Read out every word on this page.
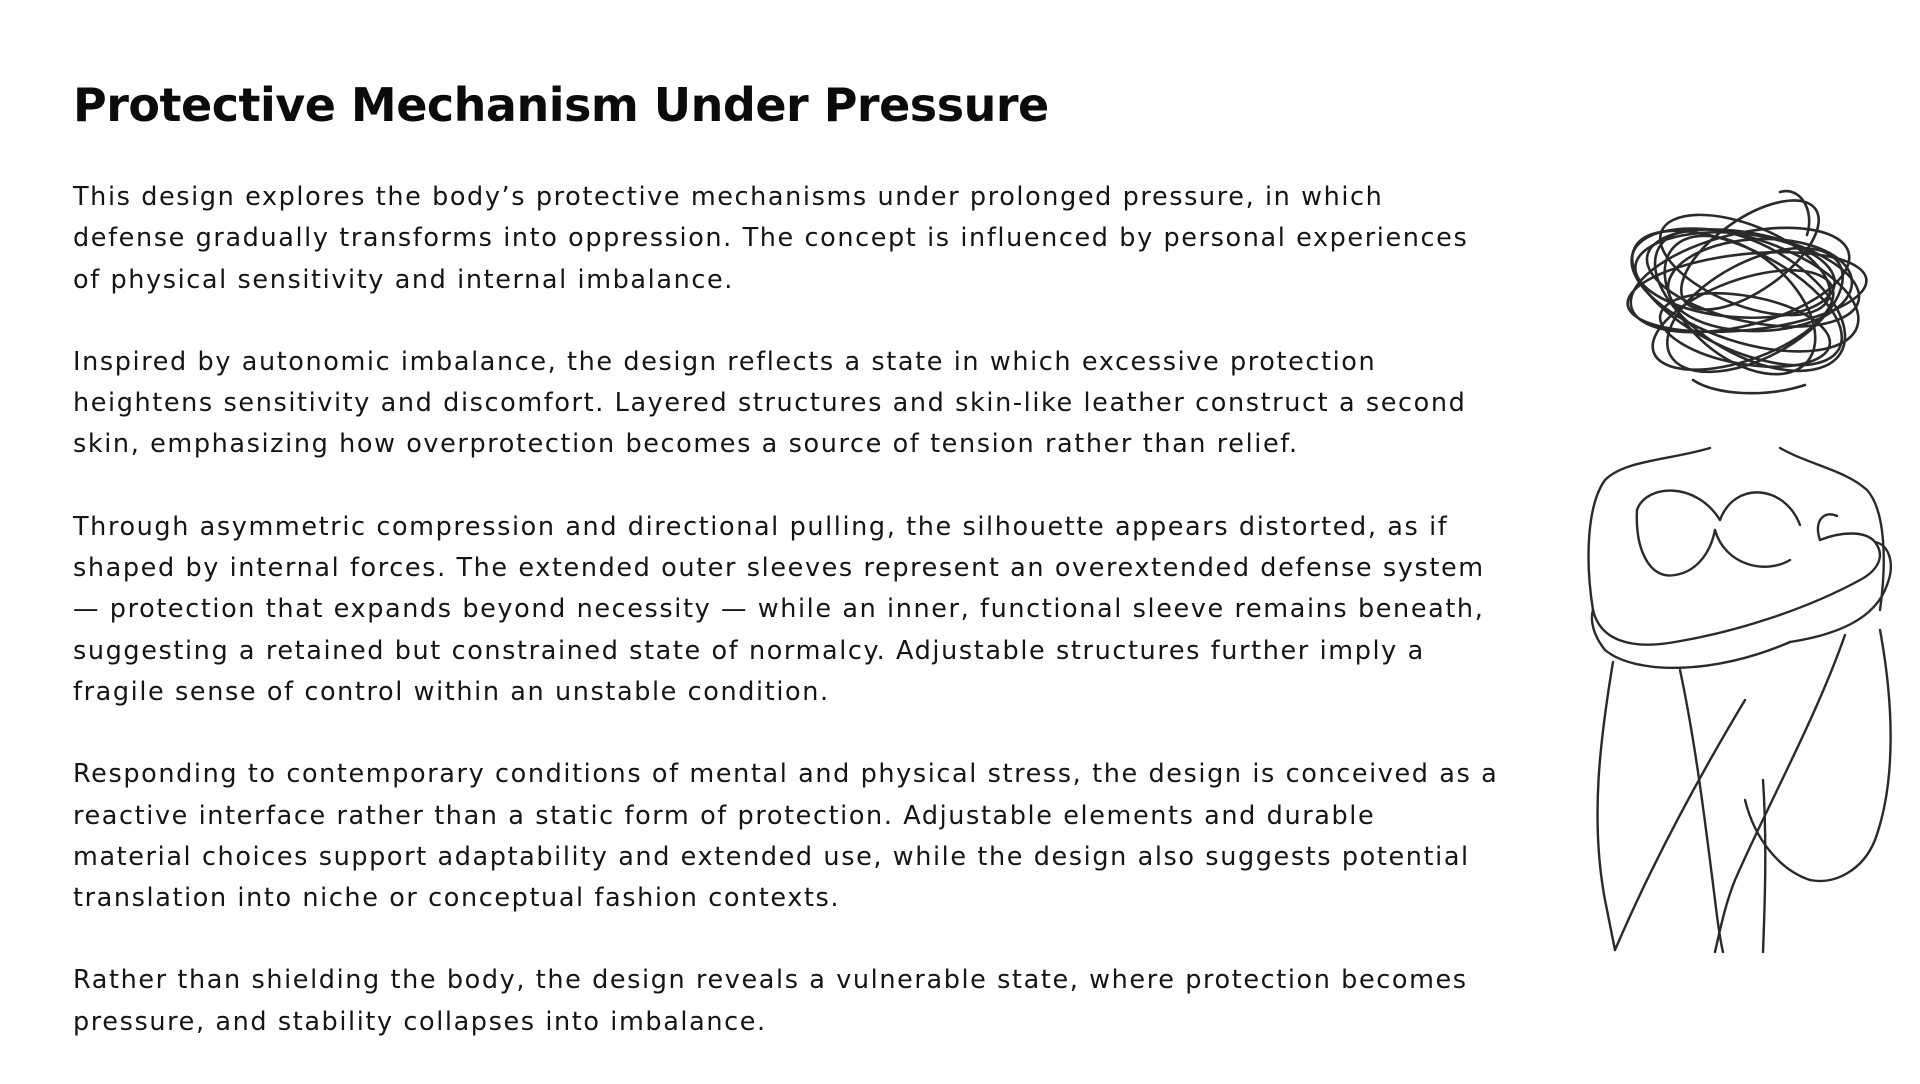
Protective Mechanism Under Pressure

This design explores the body’s protective mechanisms under prolonged pressure, in which
defense gradually transforms into oppression. The concept is influenced by personal experiences
of physical sensitivity and internal imbalance.

Inspired by autonomic imbalance, the design reflects a state in which excessive protection
heightens sensitivity and discomfort. Layered structures and skin-like leather construct a second
skin, emphasizing how overprotection becomes a source of tension rather than relief.

Through asymmetric compression and directional pulling, the silhouette appears distorted, as if
shaped by internal forces. The extended outer sleeves represent an overextended defense system
— protection that expands beyond necessity — while an inner, functional sleeve remains beneath,
suggesting a retained but constrained state of normalcy. Adjustable structures further imply a
fragile sense of control within an unstable condition.

Responding to contemporary conditions of mental and physical stress, the design is conceived as a
reactive interface rather than a static form of protection. Adjustable elements and durable
material choices support adaptability and extended use, while the design also suggests potential
translation into niche or conceptual fashion contexts.

Rather than shielding the body, the design reveals a vulnerable state, where protection becomes
pressure, and stability collapses into imbalance.
